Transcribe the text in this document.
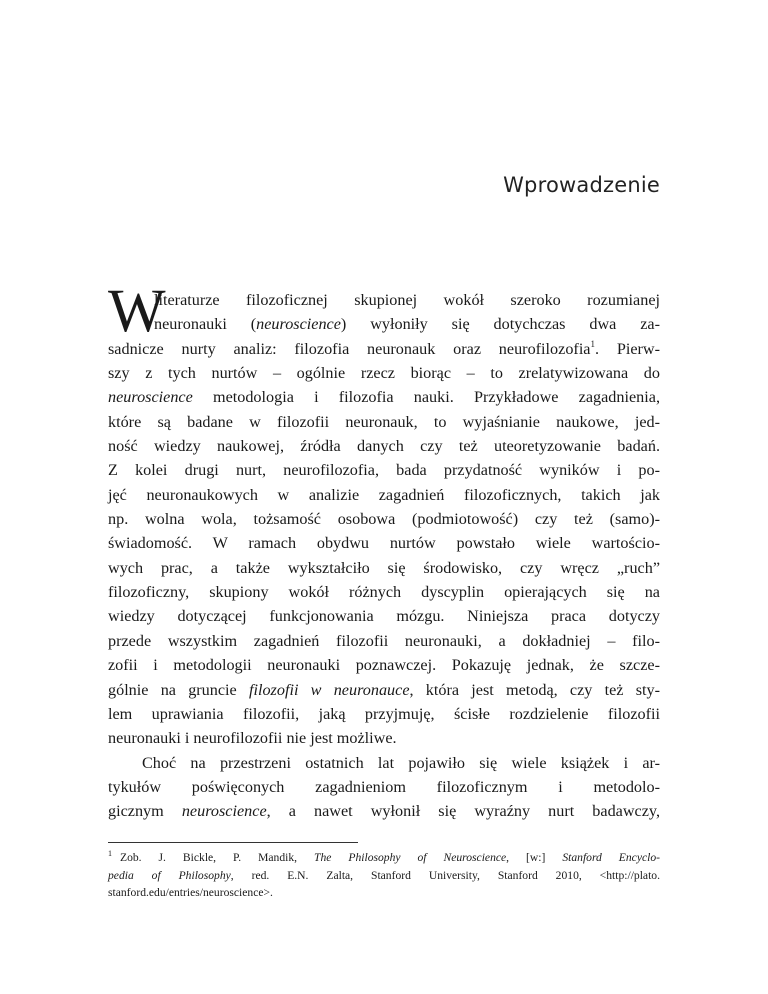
Wprowadzenie
W
literaturze filozoficznej skupionej wokół szeroko rozumianej
neuronauki (neuroscience) wyłoniły się dotychczas dwa za-
sadnicze nurty analiz: filozofia neuronauk oraz neurofilozofia$^1$. Pierw-
szy z tych nurtów – ogólnie rzecz biorąc – to zrelatywizowana do
neuroscience metodologia i filozofia nauki. Przykładowe zagadnienia,
które są badane w filozofii neuronauk, to wyjaśnianie naukowe, jed-
ność wiedzy naukowej, źródła danych czy też uteoretyzowanie badań.
Z kolei drugi nurt, neurofilozofia, bada przydatność wyników i po-
jęć neuronaukowych w analizie zagadnień filozoficznych, takich jak
np. wolna wola, tożsamość osobowa (podmiotowość) czy też (samo)-
świadomość. W ramach obydwu nurtów powstało wiele wartościo-
wych prac, a także wykształciło się środowisko, czy wręcz „ruch”
filozoficzny, skupiony wokół różnych dyscyplin opierających się na
wiedzy dotyczącej funkcjonowania mózgu. Niniejsza praca dotyczy
przede wszystkim zagadnień filozofii neuronauki, a dokładniej – filo-
zofii i metodologii neuronauki poznawczej. Pokazuję jednak, że szcze-
gólnie na gruncie filozofii w neuronauce, która jest metodą, czy też sty-
lem uprawiania filozofii, jaką przyjmuję, ścisłe rozdzielenie filozofii
neuronauki i neurofilozofii nie jest możliwe.
Choć na przestrzeni ostatnich lat pojawiło się wiele książek i ar-
tykułów poświęconych zagadnieniom filozoficznym i metodolo-
gicznym neuroscience, a nawet wyłonił się wyraźny nurt badawczy,
$^1$ Zob. J. Bickle, P. Mandik, The Philosophy of Neuroscience, [w:] Stanford Encyclo-
pedia of Philosophy, red. E.N. Zalta, Stanford University, Stanford 2010, <http://plato.
stanford.edu/entries/neuroscience>.
